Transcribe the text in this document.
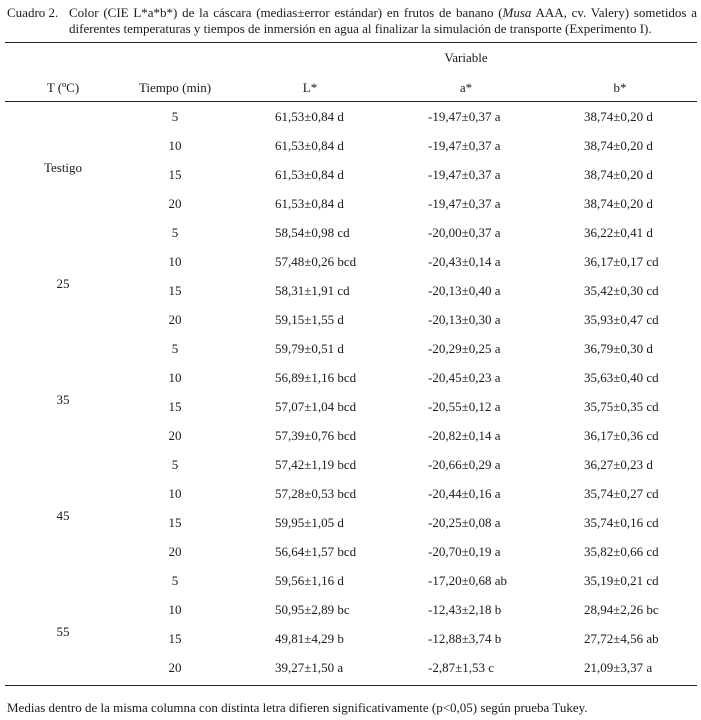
Cuadro 2. Color (CIE L*a*b*) de la cáscara (medias±error estándar) en frutos de banano (Musa AAA, cv. Valery) sometidos a diferentes temperaturas y tiempos de inmersión en agua al finalizar la simulación de transporte (Experimento I).
Variable
T (ºC)	Tiempo (min)	L*	a*	b*
Testigo
5	61,53±0,84 d	-19,47±0,37 a	38,74±0,20 d
10	61,53±0,84 d	-19,47±0,37 a	38,74±0,20 d
15	61,53±0,84 d	-19,47±0,37 a	38,74±0,20 d
20	61,53±0,84 d	-19,47±0,37 a	38,74±0,20 d
25
5	58,54±0,98 cd	-20,00±0,37 a	36,22±0,41 d
10	57,48±0,26 bcd	-20,43±0,14 a	36,17±0,17 cd
15	58,31±1,91 cd	-20,13±0,40 a	35,42±0,30 cd
20	59,15±1,55 d	-20,13±0,30 a	35,93±0,47 cd
35
5	59,79±0,51 d	-20,29±0,25 a	36,79±0,30 d
10	56,89±1,16 bcd	-20,45±0,23 a	35,63±0,40 cd
15	57,07±1,04 bcd	-20,55±0,12 a	35,75±0,35 cd
20	57,39±0,76 bcd	-20,82±0,14 a	36,17±0,36 cd
45
5	57,42±1,19 bcd	-20,66±0,29 a	36,27±0,23 d
10	57,28±0,53 bcd	-20,44±0,16 a	35,74±0,27 cd
15	59,95±1,05 d	-20,25±0,08 a	35,74±0,16 cd
20	56,64±1,57 bcd	-20,70±0,19 a	35,82±0,66 cd
55
5	59,56±1,16 d	-17,20±0,68 ab	35,19±0,21 cd
10	50,95±2,89 bc	-12,43±2,18 b	28,94±2,26 bc
15	49,81±4,29 b	-12,88±3,74 b	27,72±4,56 ab
20	39,27±1,50 a	-2,87±1,53 c	21,09±3,37 a
Medias dentro de la misma columna con distinta letra difieren significativamente (p<0,05) según prueba Tukey.
